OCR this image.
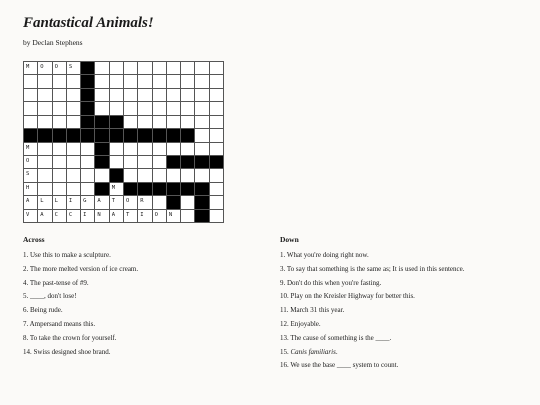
Fantastical Animals!
by Declan Stephens
M O O S
M
O
S
H	M
A L L I G A T O R
V A C C I N A T I O N
Across
1. Use this to make a sculpture.
2. The more melted version of ice cream.
4. The past-tense of #9.
5. ____, don't lose!
6. Being rude.
7. Ampersand means this.
8. To take the crown for yourself.
14. Swiss designed shoe brand.
Down
1. What you're doing right now.
3. To say that something is the same as; It is used in this sentence.
9. Don't do this when you're fasting.
10. Play on the Kreisler Highway for better this.
11. March 31 this year.
12. Enjoyable.
13. The cause of something is the ____.
15. Canis familiaris.
16. We use the base ____ system to count.
